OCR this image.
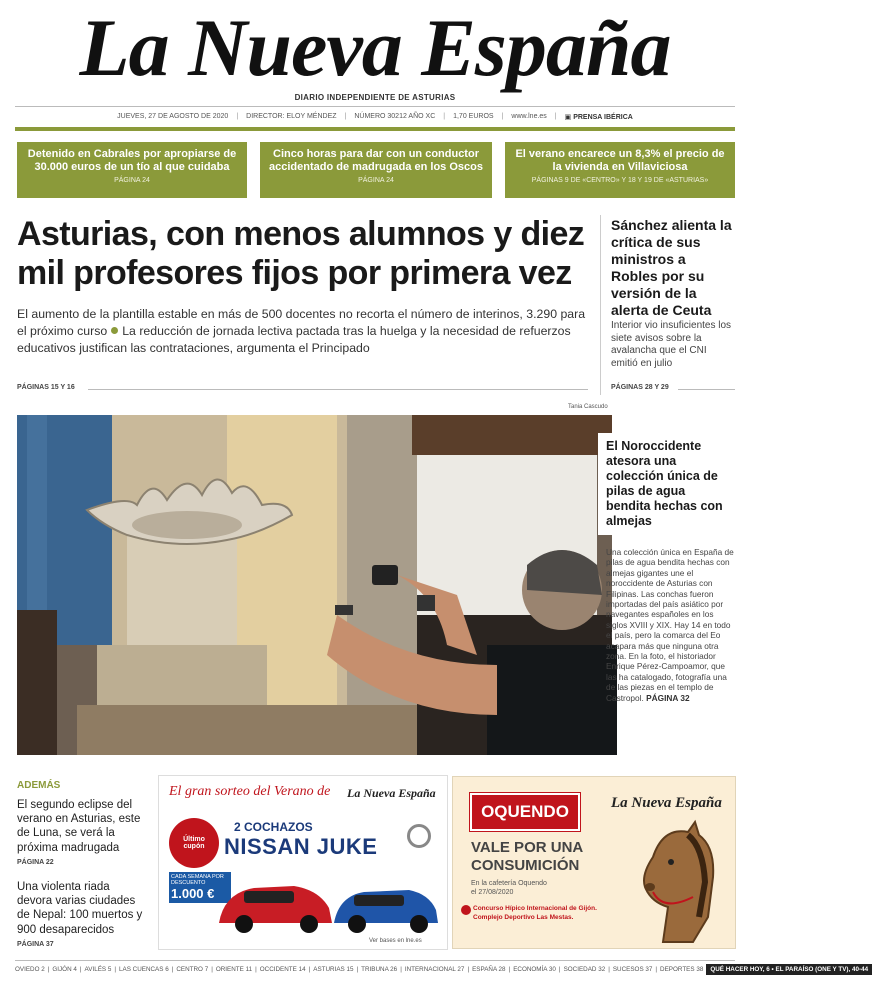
La Nueva España
DIARIO INDEPENDIENTE DE ASTURIAS
JUEVES, 27 DE AGOSTO DE 2020 | DIRECTOR: ELOY MÉNDEZ | NÚMERO 30212 AÑO XC | 1,70 EUROS | www.lne.es | ▣ PRENSA IBÉRICA
Detenido en Cabrales por apropiarse de 30.000 euros de un tío al que cuidaba
PÁGINA 24
Cinco horas para dar con un conductor accidentado de madrugada en los Oscos
PÁGINA 24
El verano encarece un 8,3% el precio de la vivienda en Villaviciosa
PÁGINAS 9 DE «CENTRO» Y 18 Y 19 DE «ASTURIAS»
Asturias, con menos alumnos y diez mil profesores fijos por primera vez
El aumento de la plantilla estable en más de 500 docentes no recorta el número de interinos, 3.290 para el próximo curso La reducción de jornada lectiva pactada tras la huelga y la necesidad de refuerzos educativos justifican las contrataciones, argumenta el Principado
PÁGINAS 15 Y 16
Sánchez alienta la crítica de sus ministros a Robles por su versión de la alerta de Ceuta
Interior vio insuficientes los siete avisos sobre la avalancha que el CNI emitió en julio
PÁGINAS 28 Y 29
Tania Cascudo
El Noroccidente atesora una colección única de pilas de agua bendita hechas con almejas
Una colección única en España de pilas de agua bendita hechas con almejas gigantes une el noroccidente de Asturias con Filipinas. Las conchas fueron importadas del país asiático por navegantes españoles en los siglos XVIII y XIX. Hay 14 en todo el país, pero la comarca del Eo acapara más que ninguna otra zona. En la foto, el historiador Enrique Pérez-Campoamor, que las ha catalogado, fotografía una de las piezas en el templo de Castropol. PÁGINA 32
ADEMÁS
El segundo eclipse del verano en Asturias, este de Luna, se verá la próxima madrugada
PÁGINA 22
Una violenta riada devora varias ciudades de Nepal: 100 muertos y 900 desaparecidos
PÁGINA 37
El gran sorteo del Verano de La Nueva España
Último cupón
2 COCHAZOS
NISSAN JUKE
CADA SEMANA POR DESCUENTO
1.000 €
Ver bases en lne.es
OQUENDO	La Nueva España
VALE POR UNA
CONSUMICIÓN
En la cafetería Oquendo
el 27/08/2020
Concurso Hípico Internacional de Gijón.
Complejo Deportivo Las Mestas.
OVIEDO 2 | GIJÓN 4 | AVILÉS 5 | LAS CUENCAS 6 | CENTRO 7 | ORIENTE 11 | OCCIDENTE 14 | ASTURIAS 15 | TRIBUNA 26 | INTERNACIONAL 27 | ESPAÑA 28 | ECONOMÍA 30 | SOCIEDAD 32 | SUCESOS 37 | DEPORTES 38	QUÉ HACER HOY, 6 • EL PARAÍSO (ONE Y TV), 40-44
